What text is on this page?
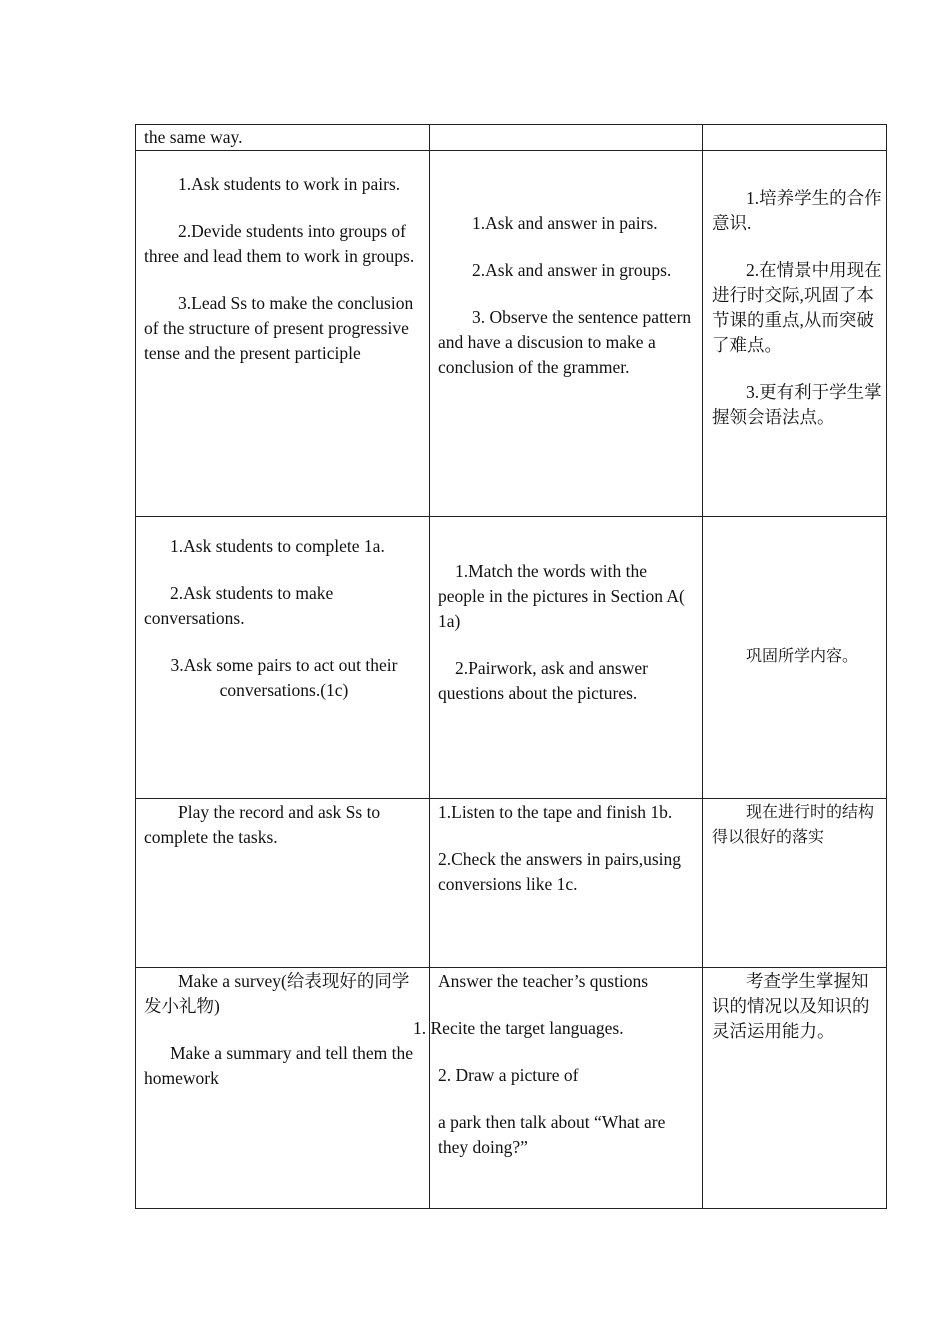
the same way.

1.Ask students to work in pairs.

2.Devide students into groups of three and lead them to work in groups.

3.Lead Ss to make the conclusion of the structure of present progressive tense and the present participle

1.Ask and answer in pairs.

2.Ask and answer in groups.

3. Observe the sentence pattern and have a discusion to make a conclusion of the grammer.

1.培养学生的合作意识.

2.在情景中用现在进行时交际,巩固了本节课的重点,从而突破了难点。

3.更有利于学生掌握领会语法点。

1.Ask students to complete 1a.

2.Ask students to make conversations.

3.Ask some pairs to act out their conversations.(1c)

1.Match the words with the people in the pictures in Section A( 1a)

2.Pairwork, ask and answer questions about the pictures.

巩固所学内容。

Play the record and ask Ss to complete the tasks.

1.Listen to the tape and finish 1b.

2.Check the answers in pairs,using conversions like 1c.

现在进行时的结构得以很好的落实

Make a survey(给表现好的同学发小礼物)

Make a summary and tell them the homework

Answer the teacher’s qustions

1. Recite the target languages.

2. Draw a picture of

a park then talk about “What are they doing?”

考查学生掌握知识的情况以及知识的灵活运用能力。
